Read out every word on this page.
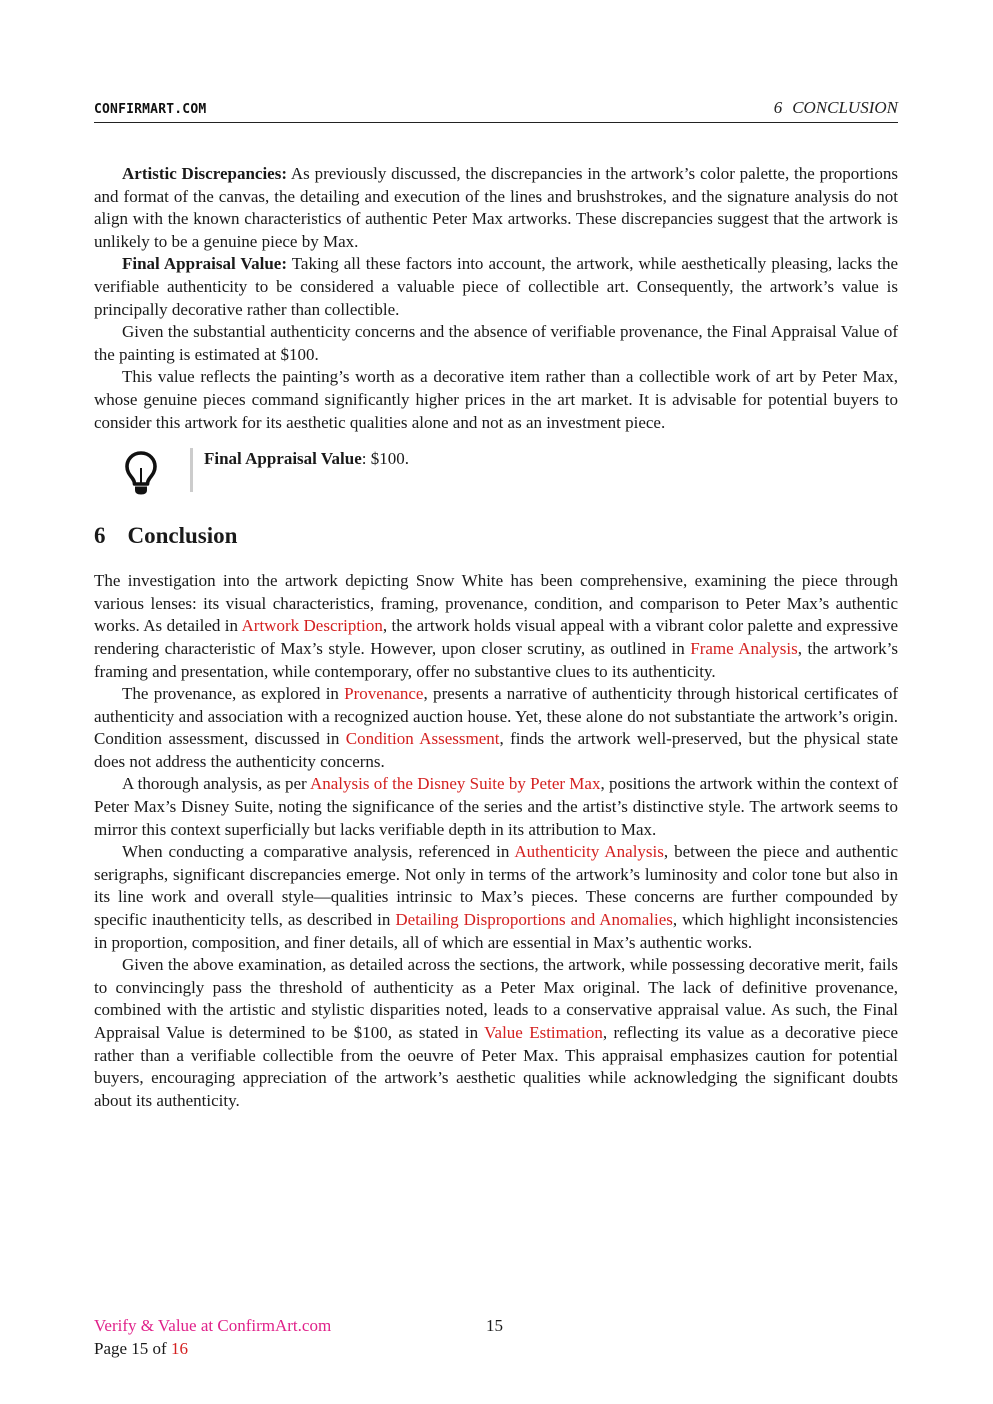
CONFIRMART.COM	6 CONCLUSION

Artistic Discrepancies: As previously discussed, the discrepancies in the artwork’s color palette, the proportions and format of the canvas, the detailing and execution of the lines and brushstrokes, and the signature analysis do not align with the known characteristics of authentic Peter Max artworks. These discrepancies suggest that the artwork is unlikely to be a genuine piece by Max.

Final Appraisal Value: Taking all these factors into account, the artwork, while aesthetically pleasing, lacks the verifiable authenticity to be considered a valuable piece of collectible art. Consequently, the artwork’s value is principally decorative rather than collectible.

Given the substantial authenticity concerns and the absence of verifiable provenance, the Final Appraisal Value of the painting is estimated at $100.

This value reflects the painting’s worth as a decorative item rather than a collectible work of art by Peter Max, whose genuine pieces command significantly higher prices in the art market. It is advisable for potential buyers to consider this artwork for its aesthetic qualities alone and not as an investment piece.

Final Appraisal Value: $100.
6 Conclusion

The investigation into the artwork depicting Snow White has been comprehensive, examining the piece through various lenses: its visual characteristics, framing, provenance, condition, and comparison to Peter Max’s authentic works. As detailed in Artwork Description, the artwork holds visual appeal with a vibrant color palette and expressive rendering characteristic of Max’s style. However, upon closer scrutiny, as outlined in Frame Analysis, the artwork’s framing and presentation, while contemporary, offer no substantive clues to its authenticity.

The provenance, as explored in Provenance, presents a narrative of authenticity through historical certificates of authenticity and association with a recognized auction house. Yet, these alone do not substantiate the artwork’s origin. Condition assessment, discussed in Condition Assessment, finds the artwork well-preserved, but the physical state does not address the authenticity concerns.

A thorough analysis, as per Analysis of the Disney Suite by Peter Max, positions the artwork within the context of Peter Max’s Disney Suite, noting the significance of the series and the artist’s distinctive style. The artwork seems to mirror this context superficially but lacks verifiable depth in its attribution to Max.

When conducting a comparative analysis, referenced in Authenticity Analysis, between the piece and authentic serigraphs, significant discrepancies emerge. Not only in terms of the artwork’s luminosity and color tone but also in its line work and overall style—qualities intrinsic to Max’s pieces. These concerns are further compounded by specific inauthenticity tells, as described in Detailing Disproportions and Anomalies, which highlight inconsistencies in proportion, composition, and finer details, all of which are essential in Max’s authentic works.

Given the above examination, as detailed across the sections, the artwork, while possessing decorative merit, fails to convincingly pass the threshold of authenticity as a Peter Max original. The lack of definitive provenance, combined with the artistic and stylistic disparities noted, leads to a conservative appraisal value. As such, the Final Appraisal Value is determined to be $100, as stated in Value Estimation, reflecting its value as a decorative piece rather than a verifiable collectible from the oeuvre of Peter Max. This appraisal emphasizes caution for potential buyers, encouraging appreciation of the artwork’s aesthetic qualities while acknowledging the significant doubts about its authenticity.

Verify & Value at ConfirmArt.com
Page 15 of 16
15
